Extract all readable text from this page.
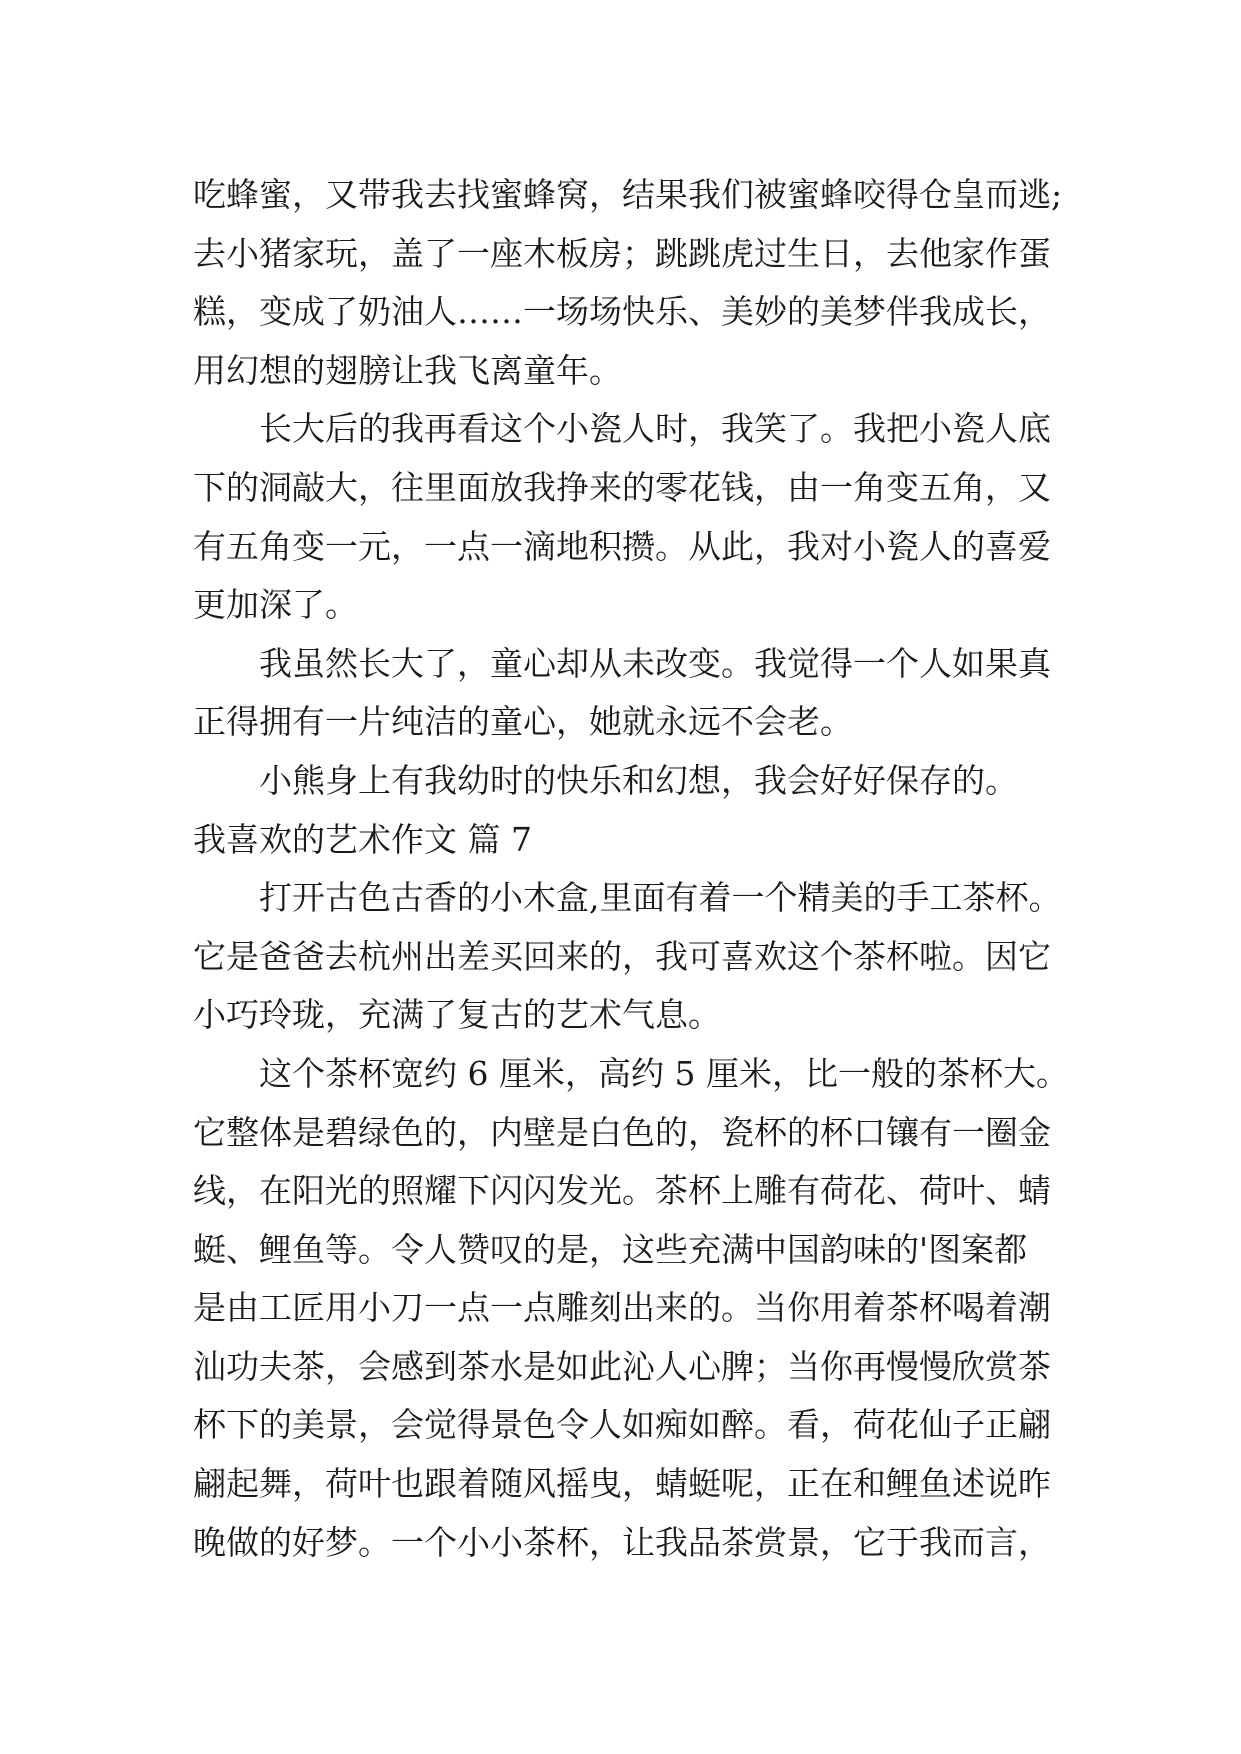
吃蜂蜜，又带我去找蜜蜂窝，结果我们被蜜蜂咬得仓皇而逃;
去小猪家玩，盖了一座木板房；跳跳虎过生日，去他家作蛋
糕，变成了奶油人……一场场快乐、美妙的美梦伴我成长，
用幻想的翅膀让我飞离童年。
长大后的我再看这个小瓷人时，我笑了。我把小瓷人底
下的洞敲大，往里面放我挣来的零花钱，由一角变五角，又
有五角变一元，一点一滴地积攒。从此，我对小瓷人的喜爱
更加深了。
我虽然长大了，童心却从未改变。我觉得一个人如果真
正得拥有一片纯洁的童心，她就永远不会老。
小熊身上有我幼时的快乐和幻想，我会好好保存的。
我喜欢的艺术作文 篇 7
打开古色古香的小木盒,里面有着一个精美的手工茶杯。
它是爸爸去杭州出差买回来的，我可喜欢这个茶杯啦。因它
小巧玲珑，充满了复古的艺术气息。
这个茶杯宽约 6 厘米，高约 5 厘米，比一般的茶杯大。
它整体是碧绿色的，内壁是白色的，瓷杯的杯口镶有一圈金
线，在阳光的照耀下闪闪发光。茶杯上雕有荷花、荷叶、蜻
蜓、鲤鱼等。令人赞叹的是，这些充满中国韵味的'图案都
是由工匠用小刀一点一点雕刻出来的。当你用着茶杯喝着潮
汕功夫茶，会感到茶水是如此沁人心脾；当你再慢慢欣赏茶
杯下的美景，会觉得景色令人如痴如醉。看，荷花仙子正翩
翩起舞，荷叶也跟着随风摇曳，蜻蜓呢，正在和鲤鱼述说昨
晚做的好梦。一个小小茶杯，让我品茶赏景，它于我而言，
